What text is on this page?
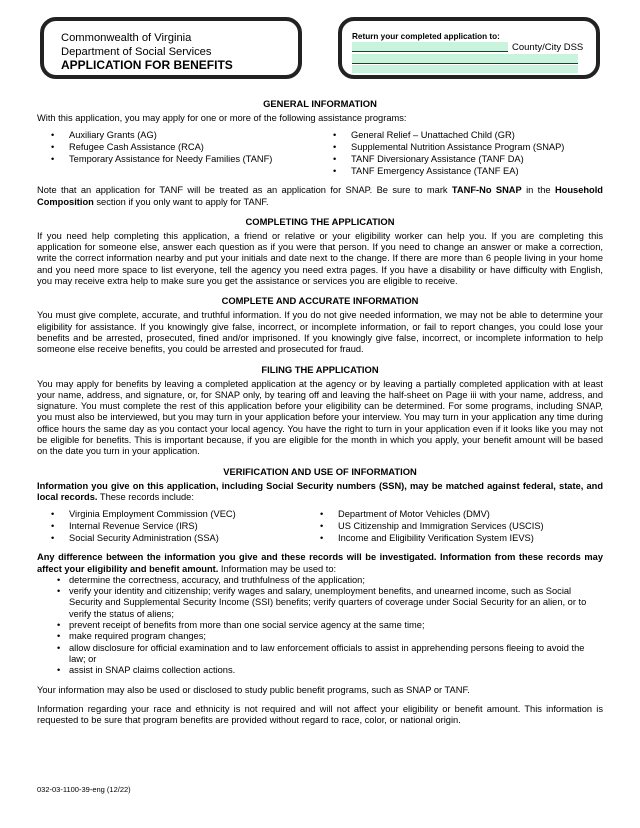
Commonwealth of Virginia
Department of Social Services
APPLICATION FOR BENEFITS
Return your completed application to:
County/City DSS
GENERAL INFORMATION

With this application, you may apply for one or more of the following assistance programs:

• Auxiliary Grants (AG)
• Refugee Cash Assistance (RCA)
• Temporary Assistance for Needy Families (TANF)
• General Relief – Unattached Child (GR)
• Supplemental Nutrition Assistance Program (SNAP)
• TANF Diversionary Assistance (TANF DA)
• TANF Emergency Assistance (TANF EA)

Note that an application for TANF will be treated as an application for SNAP. Be sure to mark TANF-No SNAP in the Household Composition section if you only want to apply for TANF.

COMPLETING THE APPLICATION

If you need help completing this application, a friend or relative or your eligibility worker can help you. If you are completing this application for someone else, answer each question as if you were that person. If you need to change an answer or make a correction, write the correct information nearby and put your initials and date next to the change. If there are more than 6 people living in your home and you need more space to list everyone, tell the agency you need extra pages. If you have a disability or have difficulty with English, you may receive extra help to make sure you get the assistance or services you are eligible to receive.

COMPLETE AND ACCURATE INFORMATION

You must give complete, accurate, and truthful information. If you do not give needed information, we may not be able to determine your eligibility for assistance. If you knowingly give false, incorrect, or incomplete information, or fail to report changes, you could lose your benefits and be arrested, prosecuted, fined and/or imprisoned. If you knowingly give false, incorrect, or incomplete information to help someone else receive benefits, you could be arrested and prosecuted for fraud.

FILING THE APPLICATION

You may apply for benefits by leaving a completed application at the agency or by leaving a partially completed application with at least your name, address, and signature, or, for SNAP only, by tearing off and leaving the half-sheet on Page iii with your name, address, and signature. You must complete the rest of this application before your eligibility can be determined. For some programs, including SNAP, you must also be interviewed, but you may turn in your application before your interview. You may turn in your application any time during office hours the same day as you contact your local agency. You have the right to turn in your application even if it looks like you may not be eligible for benefits. This is important because, if you are eligible for the month in which you apply, your benefit amount will be based on the date you turn in your application.

VERIFICATION AND USE OF INFORMATION

Information you give on this application, including Social Security numbers (SSN), may be matched against federal, state, and local records. These records include:

• Virginia Employment Commission (VEC)
• Internal Revenue Service (IRS)
• Social Security Administration (SSA)
• Department of Motor Vehicles (DMV)
• US Citizenship and Immigration Services (USCIS)
• Income and Eligibility Verification System IEVS)

Any difference between the information you give and these records will be investigated. Information from these records may affect your eligibility and benefit amount. Information may be used to:

• determine the correctness, accuracy, and truthfulness of the application;
• verify your identity and citizenship; verify wages and salary, unemployment benefits, and unearned income, such as Social Security and Supplemental Security Income (SSI) benefits; verify quarters of coverage under Social Security for an alien, or to verify the status of aliens;
• prevent receipt of benefits from more than one social service agency at the same time;
• make required program changes;
• allow disclosure for official examination and to law enforcement officials to assist in apprehending persons fleeing to avoid the law; or
• assist in SNAP claims collection actions.

Your information may also be used or disclosed to study public benefit programs, such as SNAP or TANF.

Information regarding your race and ethnicity is not required and will not affect your eligibility or benefit amount. This information is requested to be sure that program benefits are provided without regard to race, color, or national origin.

032-03-1100-39-eng (12/22)
